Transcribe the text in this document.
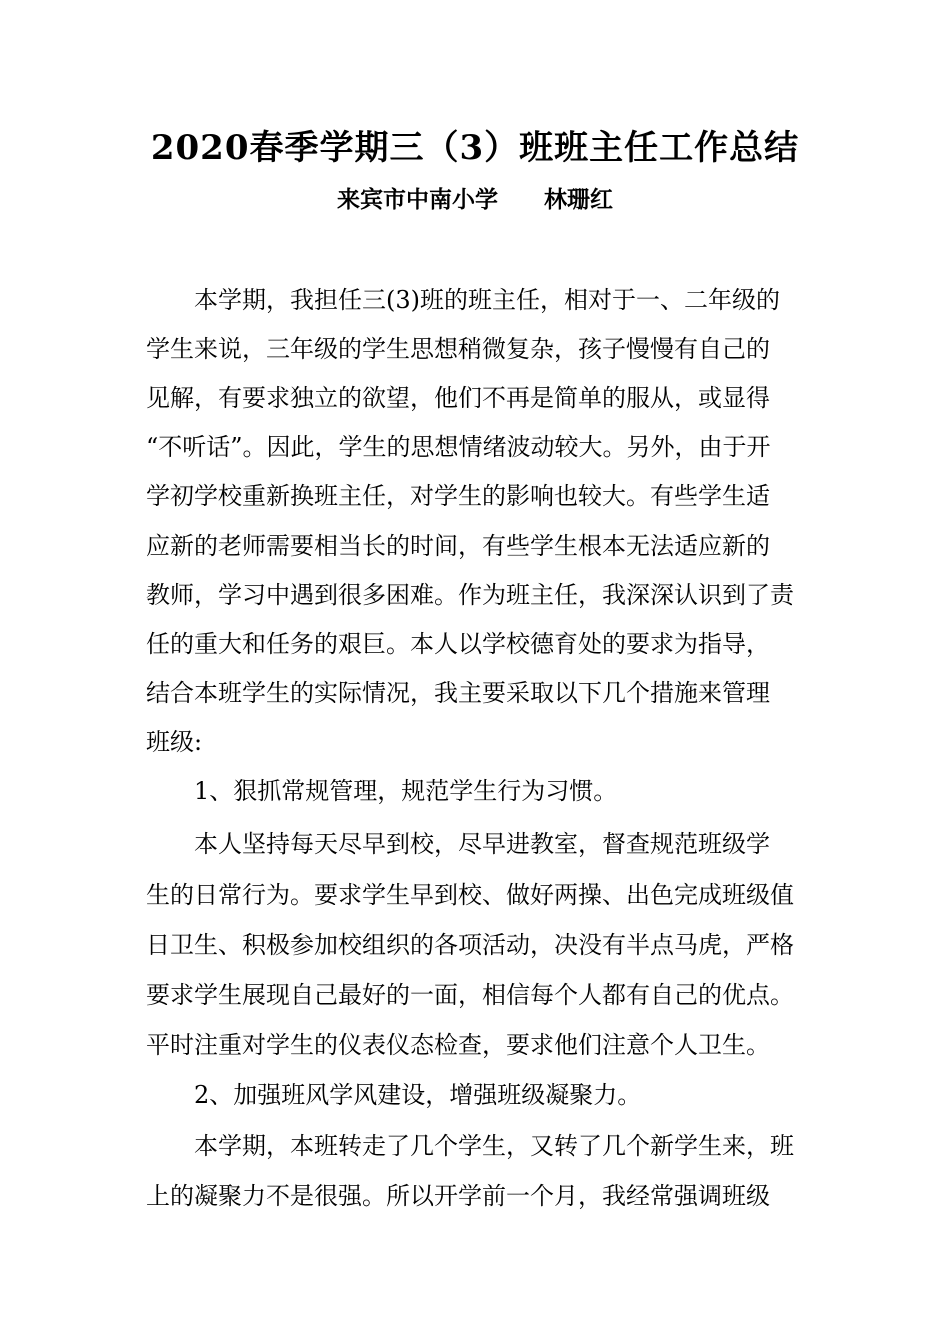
2020春季学期三（3）班班主任工作总结
来宾市中南小学 林珊红
本学期，我担任三(3)班的班主任，相对于一、二年级的
学生来说，三年级的学生思想稍微复杂，孩子慢慢有自己的
见解，有要求独立的欲望，他们不再是简单的服从，或显得
“不听话”。因此，学生的思想情绪波动较大。另外，由于开
学初学校重新换班主任，对学生的影响也较大。有些学生适
应新的老师需要相当长的时间，有些学生根本无法适应新的
教师，学习中遇到很多困难。作为班主任，我深深认识到了责
任的重大和任务的艰巨。本人以学校德育处的要求为指导，
结合本班学生的实际情况，我主要采取以下几个措施来管理
班级:
1、狠抓常规管理，规范学生行为习惯。
本人坚持每天尽早到校，尽早进教室，督查规范班级学
生的日常行为。要求学生早到校、做好两操、出色完成班级值
日卫生、积极参加校组织的各项活动，决没有半点马虎，严格
要求学生展现自己最好的一面，相信每个人都有自己的优点。
平时注重对学生的仪表仪态检查，要求他们注意个人卫生。
2、加强班风学风建设，增强班级凝聚力。
本学期，本班转走了几个学生，又转了几个新学生来，班
上的凝聚力不是很强。所以开学前一个月，我经常强调班级
